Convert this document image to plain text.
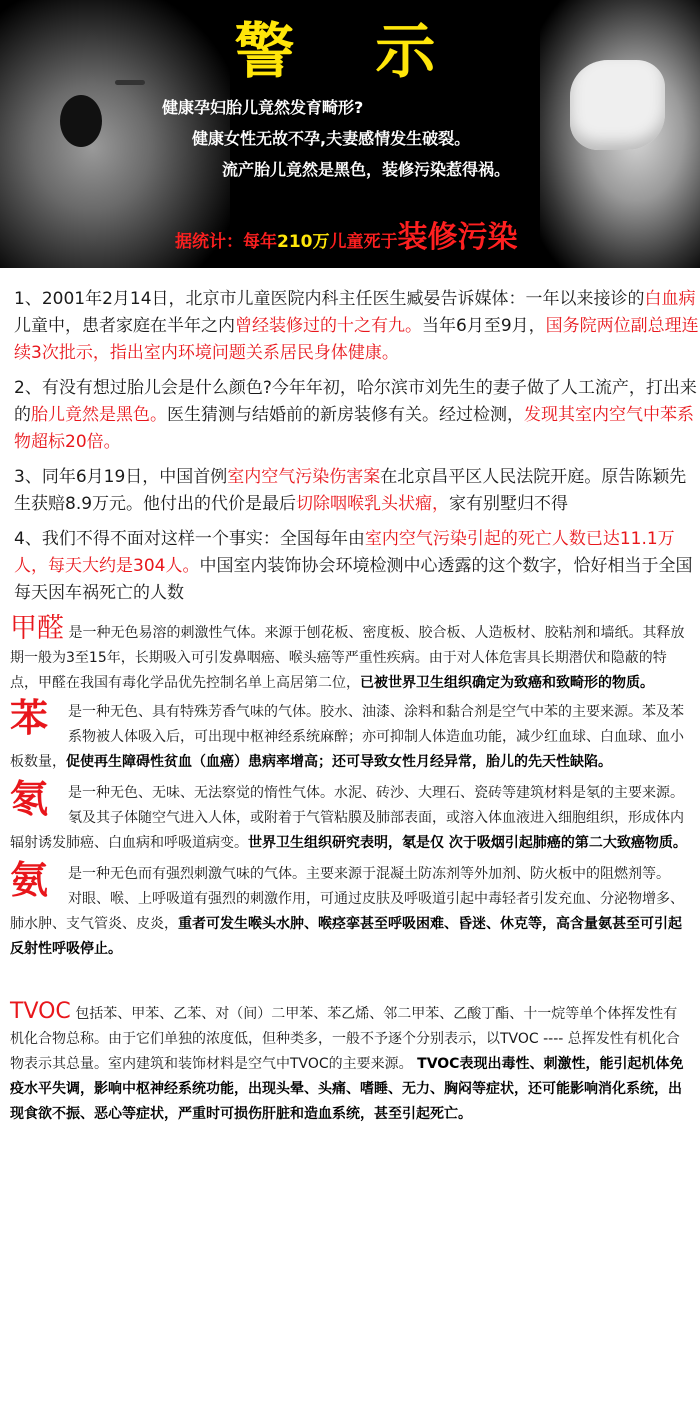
警 示
健康孕妇胎儿竟然发育畸形?
健康女性无故不孕,夫妻感情发生破裂。
流产胎儿竟然是黑色，装修污染惹得祸。
据统计：每年210万儿童死于装修污染

1、2001年2月14日，北京市儿童医院内科主任医生臧晏告诉媒体：一年以来接诊的白血病儿童中，患者家庭在半年之内曾经装修过的十之有九。当年6月至9月，国务院两位副总理连续3次批示，指出室内环境问题关系居民身体健康。

2、有没有想过胎儿会是什么颜色?今年年初，哈尔滨市刘先生的妻子做了人工流产，打出来的胎儿竟然是黑色。医生猜测与结婚前的新房装修有关。经过检测，发现其室内空气中苯系物超标20倍。

3、同年6月19日，中国首例室内空气污染伤害案在北京昌平区人民法院开庭。原告陈颖先生获赔8.9万元。他付出的代价是最后切除咽喉乳头状瘤，家有别墅归不得

4、我们不得不面对这样一个事实：全国每年由室内空气污染引起的死亡人数已达11.1万人，每天大约是304人。中国室内装饰协会环境检测中心透露的这个数字，恰好相当于全国每天因车祸死亡的人数

甲醛 是一种无色易溶的刺激性气体。来源于刨花板、密度板、胶合板、人造板材、胶粘剂和墙纸。其释放期一般为3至15年，长期吸入可引发鼻咽癌、喉头癌等严重性疾病。由于对人体危害具长期潜伏和隐蔽的特点，甲醛在我国有毒化学品优先控制名单上高居第二位，已被世界卫生组织确定为致癌和致畸形的物质。
苯	是一种无色、具有特殊芳香气味的气体。胶水、油漆、涂料和黏合剂是空气中苯的主要来源。苯及苯系物被人体吸入后，可出现中枢神经系统麻醉；亦可抑制人体造血功能，减少红血球、白血球、血小板数量，促使再生障碍性贫血（血癌）患病率增高；还可导致女性月经异常，胎儿的先天性缺陷。
氡	是一种无色、无味、无法察觉的惰性气体。水泥、砖沙、大理石、瓷砖等建筑材料是氡的主要来源。氡及其子体随空气进入人体，或附着于气管粘膜及肺部表面，或溶入体血液进入细胞组织，形成体内辐射诱发肺癌、白血病和呼吸道病变。世界卫生组织研究表明，氡是仅 次于吸烟引起肺癌的第二大致癌物质。
氨	是一种无色而有强烈刺激气味的气体。主要来源于混凝土防冻剂等外加剂、防火板中的阻燃剂等。 对眼、喉、上呼吸道有强烈的刺激作用，可通过皮肤及呼吸道引起中毒轻者引发充血、分泌物增多、肺水肿、支气管炎、皮炎，重者可发生喉头水肿、喉痉挛甚至呼吸困难、昏迷、休克等，高含量氨甚至可引起反射性呼吸停止。
TVOC 包括苯、甲苯、乙苯、对（间）二甲苯、苯乙烯、邻二甲苯、乙酸丁酯、十一烷等单个体挥发性有机化合物总称。由于它们单独的浓度低，但种类多，一般不予逐个分别表示，以TVOC ---- 总挥发性有机化合物表示其总量。室内建筑和装饰材料是空气中TVOC的主要来源。 TVOC表现出毒性、刺激性，能引起机体免疫水平失调，影响中枢神经系统功能，出现头晕、头痛、嗜睡、无力、胸闷等症状，还可能影响消化系统，出现食欲不振、恶心等症状，严重时可损伤肝脏和造血系统，甚至引起死亡。
